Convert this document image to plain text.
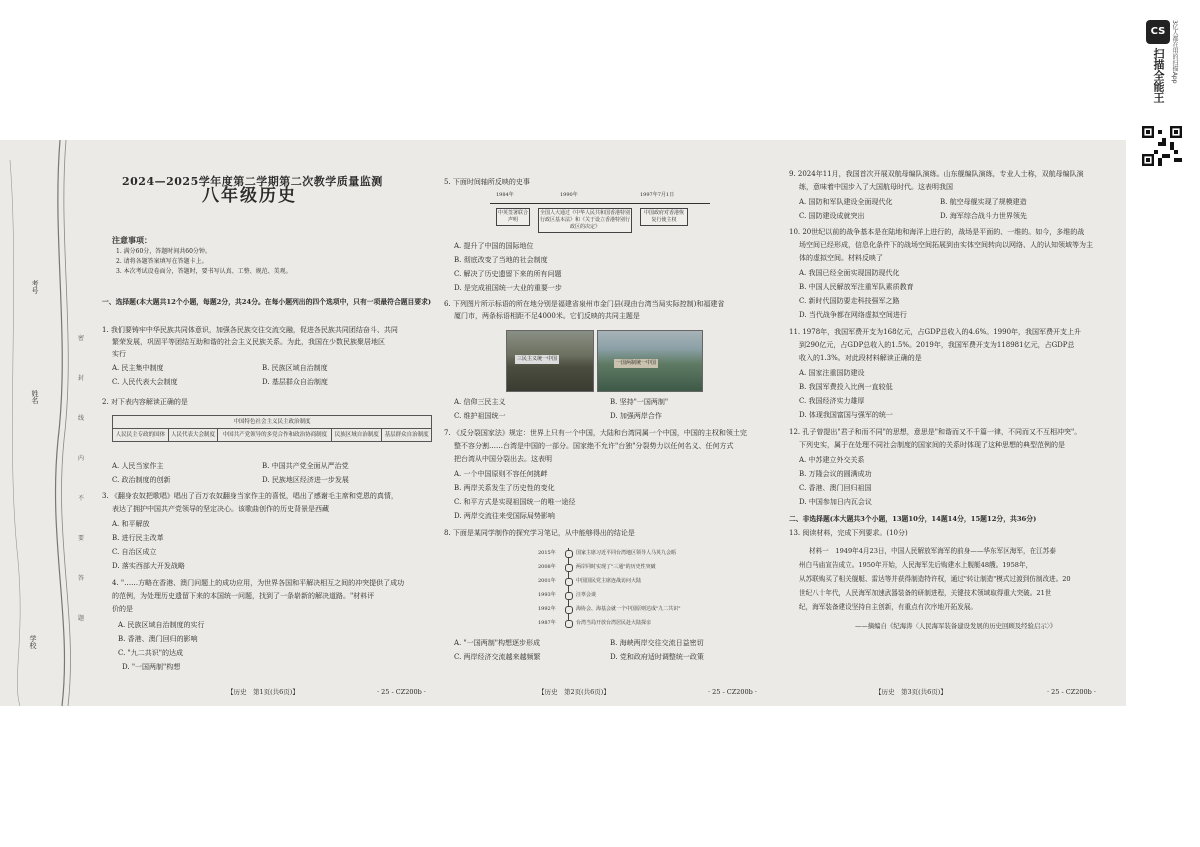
CS
扫描全能王 3亿人都在用的扫描App
密
封
线
内
不
要
答
题
学校
姓名
考号
2024—2025学年度第二学期第二次教学质量监测
八年级历史
注意事项：
1. 满分60分，答题时间共60分钟。
2. 请将各题答案填写在答题卡上。
3. 本次考试设卷面分，答题时，要书写认真、工整、规范、美观。
一、选择题(本大题共12个小题，每题2分，共24分。在每小题列出的四个选项中，只有一项最符合题目要求)
1. 我们要铸牢中华民族共同体意识，加强各民族交往交流交融，促进各民族共同团结奋斗、共同
繁荣发展，巩固平等团结互助和谐的社会主义民族关系。为此，我国在少数民族聚居地区
实行
A. 民主集中制度	B. 民族区域自治制度
C. 人民代表大会制度	D. 基层群众自治制度
2. 对下表内容解读正确的是
中国特色社会主义民主政治制度
人民民主专政的国体	人民代表大会制度	中国共产党领导的多党合作和政治协商制度	民族区域自治制度	基层群众自治制度
A. 人民当家作主	B. 中国共产党全面从严治党
C. 政治制度的创新	D. 民族地区经济进一步发展
3. 《翻身农奴把歌唱》唱出了百万农奴翻身当家作主的喜悦，唱出了感谢毛主席和党恩的真情，
表达了拥护中国共产党领导的坚定决心。该歌曲创作的历史背景是西藏
A. 和平解放
B. 进行民主改革
C. 自治区成立
D. 落实西部大开发战略
4. "……方略在香港、澳门问题上的成功应用，为世界各国和平解决相互之间的冲突提供了成功
的范例，为处理历史遗留下来的本国统一问题，找到了一条崭新的解决道路。"材料评
价的是
A. 民族区域自治制度的实行
B. 香港、澳门回归的影响
C. "九二共识"的达成
D. "一国两制"构想
【历史　第1页(共6页)】	· 25 - CZ200b ·
5. 下面时间轴所反映的史事
1984年	1990年	1997年7月1日
中英签署联合声明
全国人大通过《中华人民共和国香港特别行政区基本法》和《关于设立香港特别行政区的决定》
中国政府对香港恢复行使主权
A. 提升了中国的国际地位
B. 彻底改变了当地的社会制度
C. 解决了历史遗留下来的所有问题
D. 是完成祖国统一大业的重要一步
6. 下列图片所示标语的所在地分别是福建省泉州市金门县(现由台湾当局实际控制)和福建省
厦门市，两条标语相距不足4000米。它们反映的共同主题是
三民主义统一中国
一国两制统一中国
A. 信仰三民主义	B. 坚持"一国两制"
C. 维护祖国统一	D. 加强两岸合作
7. 《反分裂国家法》规定：世界上只有一个中国，大陆和台湾同属一个中国，中国的主权和领土完
整不容分割……台湾是中国的一部分。国家绝不允许"台独"分裂势力以任何名义、任何方式
把台湾从中国分裂出去。这表明
A. 一个中国原则不容任何挑衅
B. 两岸关系发生了历史性的变化
C. 和平方式是实现祖国统一的唯一途径
D. 两岸交流往来受国际局势影响
8. 下面是某同学制作的探究学习笔记，从中能够得出的结论是
2015年
2008年
2001年
1993年
1992年
1987年
国家主席习近平同台湾地区领导人马英九会晤
两岸同时实现了"三通"的历史性突破
中国国民党主席连战访问大陆
汪辜会谈
海协会、海基会就一个中国原则达成"九二共识"
台湾当局开放台湾居民赴大陆探亲
A. "一国两制"构想逐步形成	B. 海峡两岸交往交流日益密切
C. 两岸经济交流越来越频繁	D. 党和政府适时调整统一政策
【历史　第2页(共6页)】	· 25 - CZ200b ·
9. 2024年11月，我国首次开展双航母编队演练。山东舰编队演练，专业人士称，双航母编队演
练，意味着中国步入了大国航母时代。这表明我国
A. 国防和军队建设全面现代化	B. 航空母舰实现了规模建造
C. 国防建设成就突出	D. 海军综合战斗力世界领先
10. 20世纪以前的战争基本是在陆地和海洋上进行的，战场是平面的、一维的。如今，多维的战
场空间已经形成，信息化条件下的战场空间拓展到由实体空间转向以网络、人的认知领域等为主
体的虚拟空间。材料反映了
A. 我国已经全面实现国防现代化
B. 中国人民解放军注重军队素质教育
C. 新时代国防要走科技强军之路
D. 当代战争都在网络虚拟空间进行
11. 1978年，我国军费开支为168亿元，占GDP总收入的4.6%。1990年，我国军费开支上升
到290亿元，占GDP总收入的1.5%。2019年，我国军费开支为118981亿元，占GDP总
收入的1.3%。对此段材料解读正确的是
A. 国家注重国防建设
B. 我国军费投入比例一直较低
C. 我国经济实力雄厚
D. 体现我国富国与强军的统一
12. 孔子曾提出"君子和而不同"的思想，意思是"和谐而又不千篇一律，不同而又不互相冲突"。
下列史实，属于在处理不同社会制度的国家间的关系时体现了这种思想的典型范例的是
A. 中苏建立外交关系
B. 万隆会议的圆满成功
C. 香港、澳门回归祖国
D. 中国参加日内瓦会议
二、非选择题(本大题共3个小题，13题10分，14题14分，15题12分，共36分)
13. 阅读材料，完成下列要求。(10分)
材料一　1949年4月23日，中国人民解放军海军的前身——华东军区海军，在江苏泰
州白马庙宣告成立。1950年开始，人民海军先后购建水上舰艇48艘。1958年，
从苏联购买了相关舰艇、雷达等并获得制造特许权，通过"转让制造"模式过渡到仿制改进。20
世纪八十年代，人民海军加速武器装备的研制进程，关键技术领域取得重大突破。21世
纪，海军装备建设坚持自主创新，有重点有次序地开拓发展。
——摘编自《纪海涛〈人民海军装备建设发展的历史回顾及经验启示〉》
【历史　第3页(共6页)】	· 25 - CZ200b ·
